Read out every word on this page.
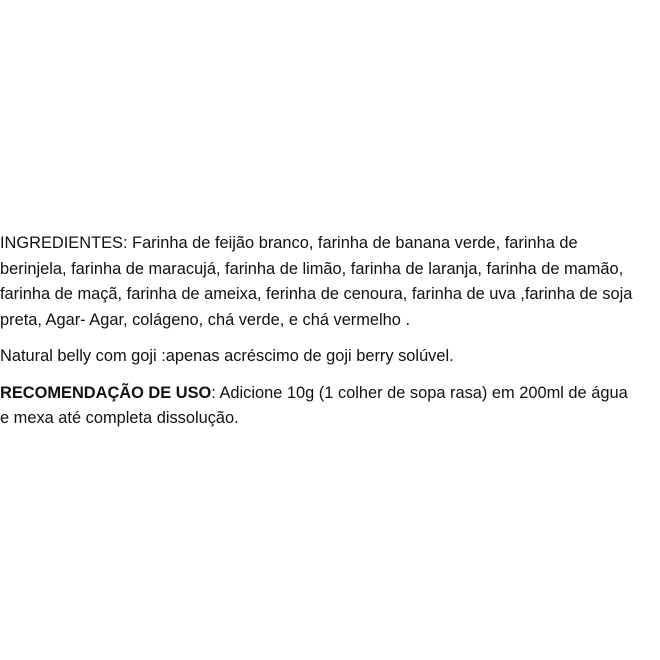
INGREDIENTES: Farinha de feijão branco, farinha de banana verde, farinha de
berinjela, farinha de maracujá, farinha de limão, farinha de laranja, farinha de mamão,
farinha de maçã, farinha de ameixa, ferinha de cenoura, farinha de uva ,farinha de soja
preta, Agar- Agar, colágeno, chá verde, e chá vermelho .

Natural belly com goji :apenas acréscimo de goji berry solúvel.

RECOMENDAÇÃO DE USO: Adicione 10g (1 colher de sopa rasa) em 200ml de água
e mexa até completa dissolução.
